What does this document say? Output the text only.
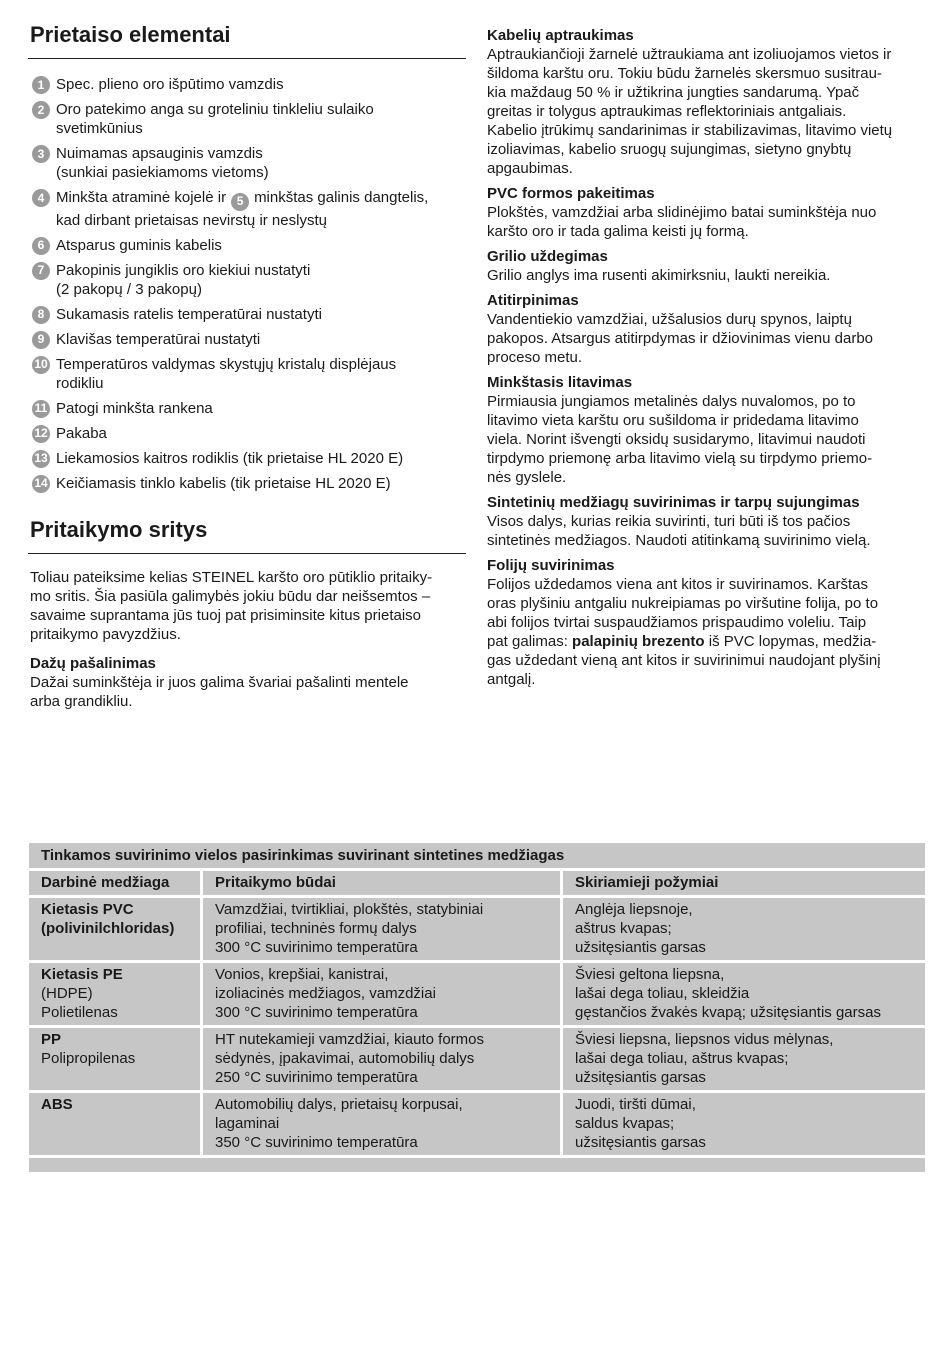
Prietaiso elementai
1 Spec. plieno oro išpūtimo vamzdis
2 Oro patekimo anga su groteliniu tinkleliu sulaiko
svetimkūnius
3 Nuimamas apsauginis vamzdis
(sunkiai pasiekiamoms vietoms)
4 Minkšta atraminė kojelė ir 5 minkštas galinis dangtelis,
kad dirbant prietaisas nevirstų ir neslystų
6 Atsparus guminis kabelis
7 Pakopinis jungiklis oro kiekiui nustatyti
(2 pakopų / 3 pakopų)
8 Sukamasis ratelis temperatūrai nustatyti
9 Klavišas temperatūrai nustatyti
10 Temperatūros valdymas skystųjų kristalų displėjaus
rodikliu
11 Patogi minkšta rankena
12 Pakaba
13 Liekamosios kaitros rodiklis (tik prietaise HL 2020 E)
14 Keičiamasis tinklo kabelis (tik prietaise HL 2020 E)
Pritaikymo sritys
Toliau pateiksime kelias STEINEL karšto oro pūtiklio pritaiky-
mo sritis. Šia pasiūla galimybės jokiu būdu dar neišsemtos –
savaime suprantama jūs tuoj pat prisiminsite kitus prietaiso
pritaikymo pavyzdžius.
Dažų pašalinimas

Dažai suminkštėja ir juos galima švariai pašalinti mentele
arba grandikliu.

Kabelių aptraukimas

Aptraukiančioji žarnelė užtraukiama ant izoliuojamos vietos ir
šildoma karštu oru. Tokiu būdu žarnelės skersmuo susitrau-
kia maždaug 50 % ir užtikrina jungties sandarumą. Ypač
greitas ir tolygus aptraukimas reflektoriniais antgaliais.
Kabelio įtrūkimų sandarinimas ir stabilizavimas, litavimo vietų
izoliavimas, kabelio sruogų sujungimas, sietyno gnybtų
apgaubimas.

PVC formos pakeitimas

Plokštės, vamzdžiai arba slidinėjimo batai suminkštėja nuo
karšto oro ir tada galima keisti jų formą.

Grilio uždegimas

Grilio anglys ima rusenti akimirksniu, laukti nereikia.

Atitirpinimas

Vandentiekio vamzdžiai, užšalusios durų spynos, laiptų
pakopos. Atsargus atitirpdymas ir džiovinimas vienu darbo
proceso metu.

Minkštasis litavimas

Pirmiausia jungiamos metalinės dalys nuvalomos, po to
litavimo vieta karštu oru sušildoma ir pridedama litavimo
viela. Norint išvengti oksidų susidarymo, litavimui naudoti
tirpdymo priemonę arba litavimo vielą su tirpdymo priemo-
nės gyslele.

Sintetinių medžiagų suvirinimas ir tarpų sujungimas

Visos dalys, kurias reikia suvirinti, turi būti iš tos pačios
sintetinės medžiagos. Naudoti atitinkamą suvirinimo vielą.

Folijų suvirinimas

Folijos uždedamos viena ant kitos ir suvirinamos. Karštas
oras plyšiniu antgaliu nukreipiamas po viršutine folija, po to
abi folijos tvirtai suspaudžiamos prispaudimo voleliu. Taip
pat galimas: palapinių brezento iš PVC lopymas, medžia-
gas uždedant vieną ant kitos ir suvirinimui naudojant plyšinį
antgalį.

Tinkamos suvirinimo vielos pasirinkimas suvirinant sintetines medžiagas
Darbinė medžiaga	Pritaikymo būdai	Skiriamieji požymiai

Kietasis PVC
(polivinilchloridas)	Vamzdžiai, tvirtikliai, plokštės, statybiniai
profiliai, techninės formų dalys
300 °C suvirinimo temperatūra	Anglėja liepsnoje,
aštrus kvapas;
užsitęsiantis garsas

Kietasis PE
(HDPE)
Polietilenas	Vonios, krepšiai, kanistrai,
izoliacinės medžiagos, vamzdžiai
300 °C suvirinimo temperatūra	Šviesi geltona liepsna,
lašai dega toliau, skleidžia
gęstančios žvakės kvapą; užsitęsiantis garsas

PP
Polipropilenas	HT nutekamieji vamzdžiai, kiauto formos
sėdynės, įpakavimai, automobilių dalys
250 °C suvirinimo temperatūra	Šviesi liepsna, liepsnos vidus mėlynas,
lašai dega toliau, aštrus kvapas;
užsitęsiantis garsas

ABS	Automobilių dalys, prietaisų korpusai,
lagaminai
350 °C suvirinimo temperatūra	Juodi, tiršti dūmai,
saldus kvapas;
užsitęsiantis garsas
